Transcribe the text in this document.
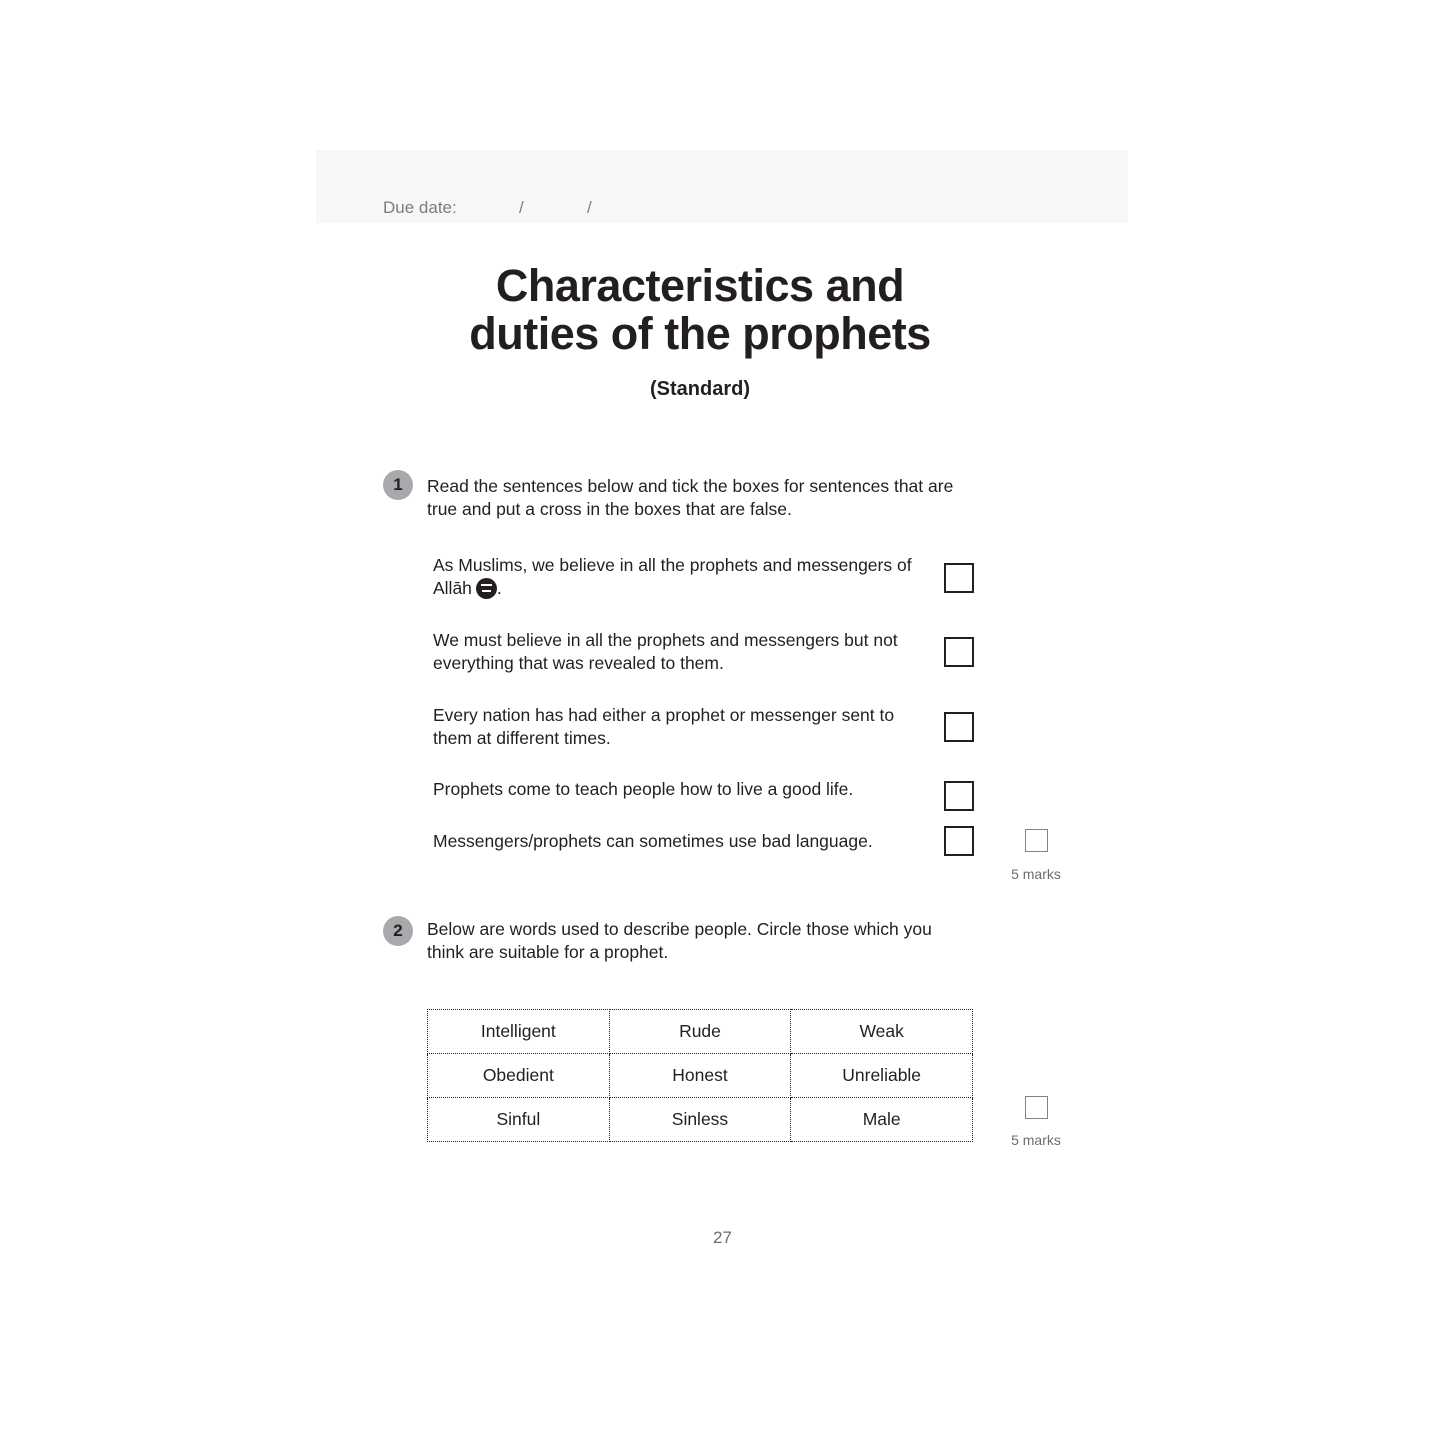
Due date:	/	/
Characteristics and
duties of the prophets
(Standard)
1	Read the sentences below and tick the boxes for sentences that are
true and put a cross in the boxes that are false.
As Muslims, we believe in all the prophets and messengers of
Allāh .
We must believe in all the prophets and messengers but not
everything that was revealed to them.
Every nation has had either a prophet or messenger sent to
them at different times.
Prophets come to teach people how to live a good life.
Messengers/prophets can sometimes use bad language.
5 marks
2	Below are words used to describe people. Circle those which you
think are suitable for a prophet.
Intelligent	Rude	Weak
Obedient	Honest	Unreliable
Sinful	Sinless	Male
5 marks
27
